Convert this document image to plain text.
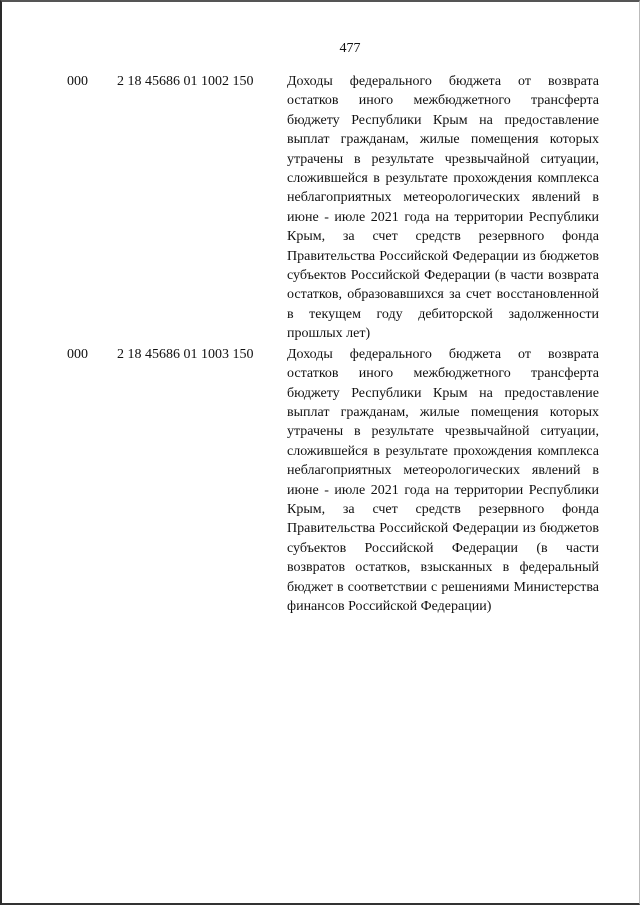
477
000 2 18 45686 01 1002 150 Доходы федерального бюджета от возврата остатков иного межбюджетного трансферта бюджету Республики Крым на предоставление выплат гражданам, жилые помещения которых утрачены в результате чрезвычайной ситуации, сложившейся в результате прохождения комплекса неблагоприятных метеорологических явлений в июне - июле 2021 года на территории Республики Крым, за счет средств резервного фонда Правительства Российской Федерации из бюджетов субъектов Российской Федерации (в части возврата остатков, образовавшихся за счет восстановленной в текущем году дебиторской задолженности прошлых лет)
000 2 18 45686 01 1003 150 Доходы федерального бюджета от возврата остатков иного межбюджетного трансферта бюджету Республики Крым на предоставление выплат гражданам, жилые помещения которых утрачены в результате чрезвычайной ситуации, сложившейся в результате прохождения комплекса неблагоприятных метеорологических явлений в июне - июле 2021 года на территории Республики Крым, за счет средств резервного фонда Правительства Российской Федерации из бюджетов субъектов Российской Федерации (в части возвратов остатков, взысканных в федеральный бюджет в соответствии с решениями Министерства финансов Российской Федерации)
